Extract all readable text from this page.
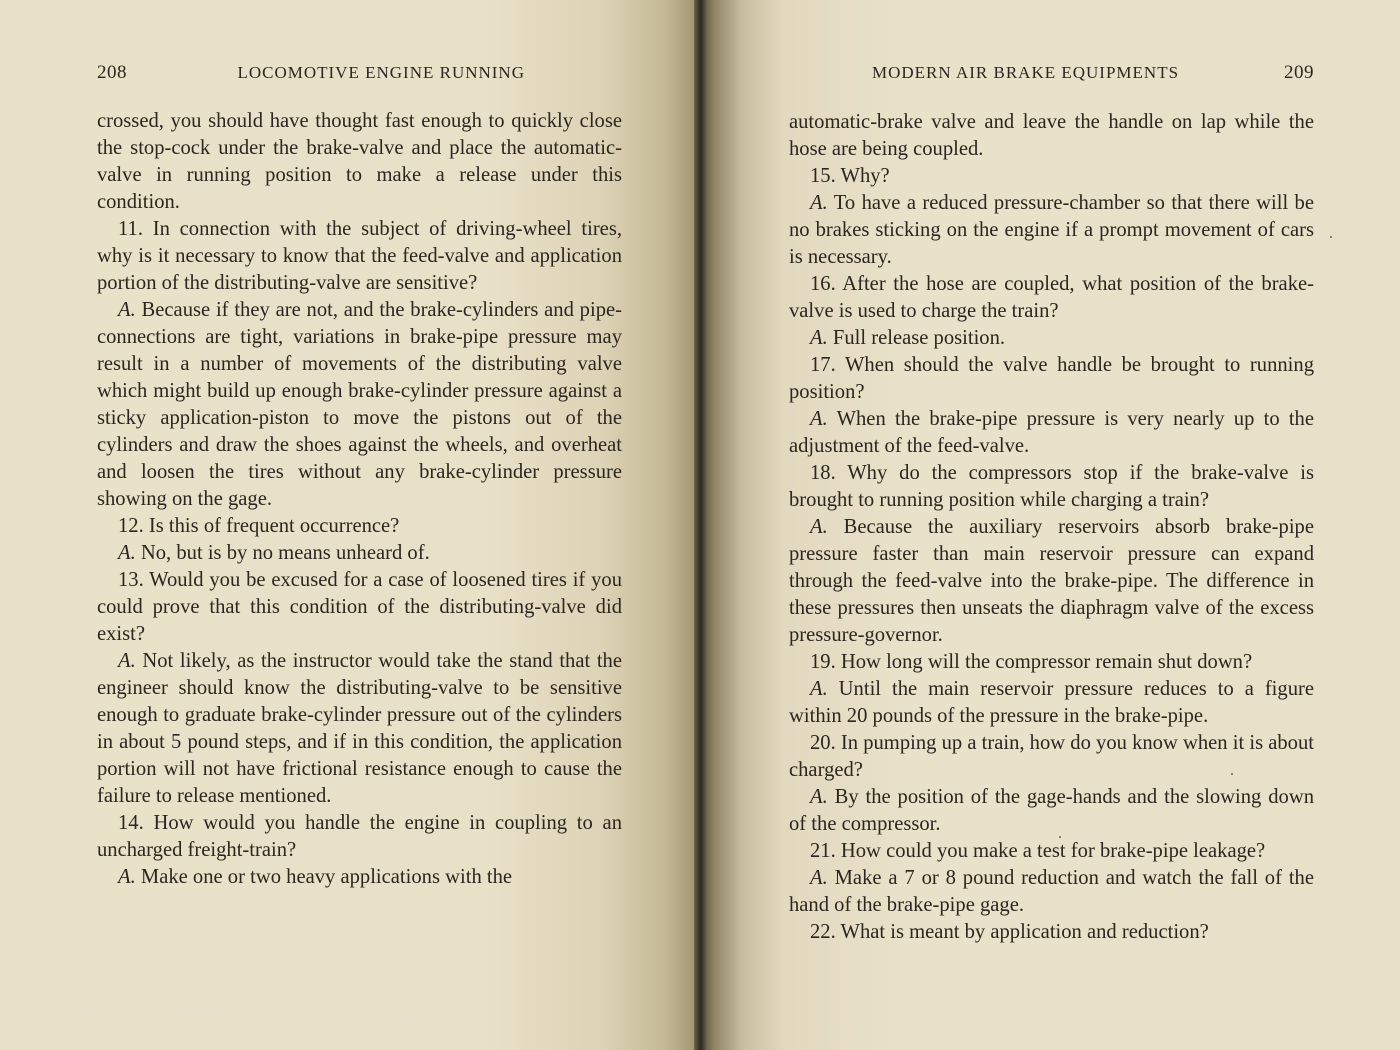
208	LOCOMOTIVE ENGINE RUNNING

crossed, you should have thought fast enough to quickly close the stop-cock under the brake-valve and place the automatic-valve in running position to make a release under this condition.

11. In connection with the subject of driving-wheel tires, why is it necessary to know that the feed-valve and application portion of the distributing-valve are sensitive?

A. Because if they are not, and the brake-cylinders and pipe-connections are tight, variations in brake-pipe pressure may result in a number of movements of the distributing valve which might build up enough brake-cylinder pressure against a sticky application-piston to move the pistons out of the cylinders and draw the shoes against the wheels, and overheat and loosen the tires without any brake-cylinder pressure showing on the gage.

12. Is this of frequent occurrence?

A. No, but is by no means unheard of.

13. Would you be excused for a case of loosened tires if you could prove that this condition of the distributing-valve did exist?

A. Not likely, as the instructor would take the stand that the engineer should know the distributing-valve to be sensitive enough to graduate brake-cylinder pressure out of the cylinders in about 5 pound steps, and if in this condition, the application portion will not have frictional resistance enough to cause the failure to release mentioned.

14. How would you handle the engine in coupling to an uncharged freight-train?

A. Make one or two heavy applications with the

MODERN AIR BRAKE EQUIPMENTS	209

automatic-brake valve and leave the handle on lap while the hose are being coupled.

15. Why?

A. To have a reduced pressure-chamber so that there will be no brakes sticking on the engine if a prompt movement of cars is necessary.

16. After the hose are coupled, what position of the brake-valve is used to charge the train?

A. Full release position.

17. When should the valve handle be brought to running position?

A. When the brake-pipe pressure is very nearly up to the adjustment of the feed-valve.

18. Why do the compressors stop if the brake-valve is brought to running position while charging a train?

A. Because the auxiliary reservoirs absorb brake-pipe pressure faster than main reservoir pressure can expand through the feed-valve into the brake-pipe. The difference in these pressures then unseats the diaphragm valve of the excess pressure-governor.

19. How long will the compressor remain shut down?

A. Until the main reservoir pressure reduces to a figure within 20 pounds of the pressure in the brake-pipe.

20. In pumping up a train, how do you know when it is about charged?

A. By the position of the gage-hands and the slowing down of the compressor.

21. How could you make a test for brake-pipe leakage?

A. Make a 7 or 8 pound reduction and watch the fall of the hand of the brake-pipe gage.

22. What is meant by application and reduction?
